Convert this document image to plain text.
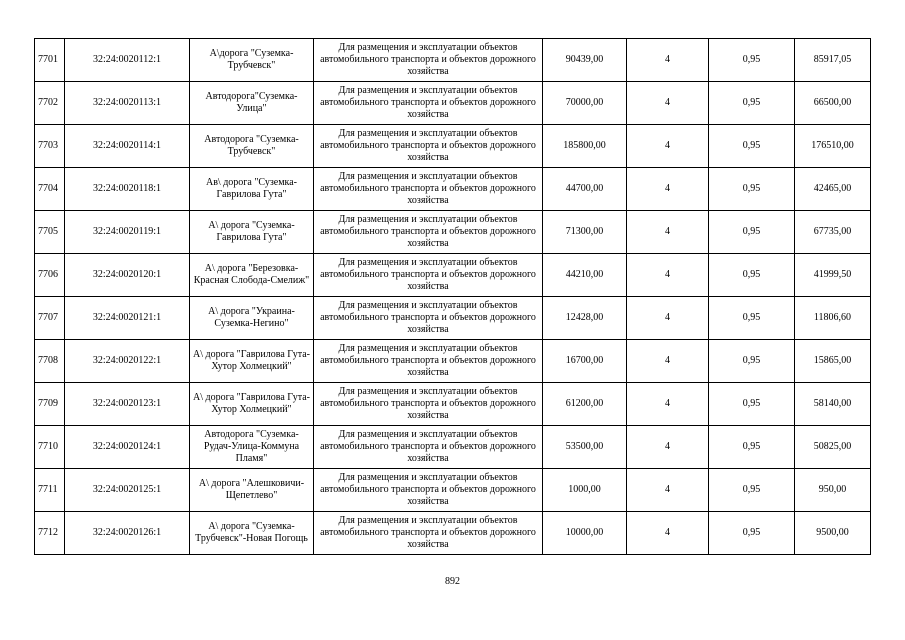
7701	32:24:0020112:1	А\дорога "Суземка-Трубчевск"	Для размещения и эксплуатации объектов автомобильного транспорта и объектов дорожного хозяйства	90439,00	4	0,95	85917,05
7702	32:24:0020113:1	Автодорога"Суземка-Улица"	Для размещения и эксплуатации объектов автомобильного транспорта и объектов дорожного хозяйства	70000,00	4	0,95	66500,00
7703	32:24:0020114:1	Автодорога "Суземка-Трубчевск"	Для размещения и эксплуатации объектов автомобильного транспорта и объектов дорожного хозяйства	185800,00	4	0,95	176510,00
7704	32:24:0020118:1	Ав\ дорога "Суземка-Гаврилова Гута"	Для размещения и эксплуатации объектов автомобильного транспорта и объектов дорожного хозяйства	44700,00	4	0,95	42465,00
7705	32:24:0020119:1	А\ дорога "Суземка-Гаврилова Гута"	Для размещения и эксплуатации объектов автомобильного транспорта и объектов дорожного хозяйства	71300,00	4	0,95	67735,00
7706	32:24:0020120:1	А\ дорога "Березовка-Красная Слобода-Смелиж"	Для размещения и эксплуатации объектов автомобильного транспорта и объектов дорожного хозяйства	44210,00	4	0,95	41999,50
7707	32:24:0020121:1	А\ дорога "Украина-Суземка-Негино"	Для размещения и эксплуатации объектов автомобильного транспорта и объектов дорожного хозяйства	12428,00	4	0,95	11806,60
7708	32:24:0020122:1	А\ дорога "Гаврилова Гута-Хутор Холмецкий"	Для размещения и эксплуатации объектов автомобильного транспорта и объектов дорожного хозяйства	16700,00	4	0,95	15865,00
7709	32:24:0020123:1	А\ дорога "Гаврилова Гута-Хутор Холмецкий"	Для размещения и эксплуатации объектов автомобильного транспорта и объектов дорожного хозяйства	61200,00	4	0,95	58140,00
7710	32:24:0020124:1	Автодорога "Суземка-Рудач-Улица-Коммуна Пламя"	Для размещения и эксплуатации объектов автомобильного транспорта и объектов дорожного хозяйства	53500,00	4	0,95	50825,00
7711	32:24:0020125:1	А\ дорога "Алешковичи-Щепетлево"	Для размещения и эксплуатации объектов автомобильного транспорта и объектов дорожного хозяйства	1000,00	4	0,95	950,00
7712	32:24:0020126:1	А\ дорога "Суземка-Трубчевск"-Новая Погощь	Для размещения и эксплуатации объектов автомобильного транспорта и объектов дорожного хозяйства	10000,00	4	0,95	9500,00
892
